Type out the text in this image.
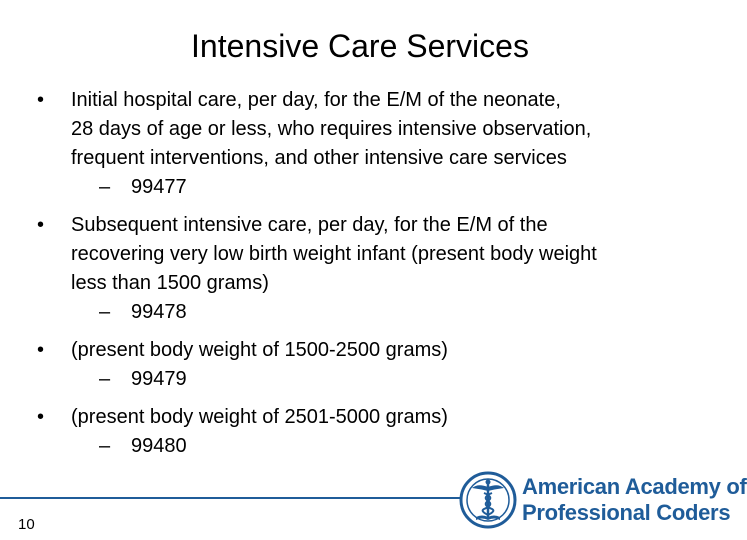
Intensive Care Services
•	Initial hospital care, per day, for the E/M of the neonate,
28 days of age or less, who requires intensive observation,
frequent interventions, and other intensive care services
– 99477
•	Subsequent intensive care, per day, for the E/M of the
recovering very low birth weight infant (present body weight
less than 1500 grams)
– 99478
•	(present body weight of 1500-2500 grams)
– 99479
•	(present body weight of 2501-5000 grams)
– 99480
10
American Academy of
Professional Coders
